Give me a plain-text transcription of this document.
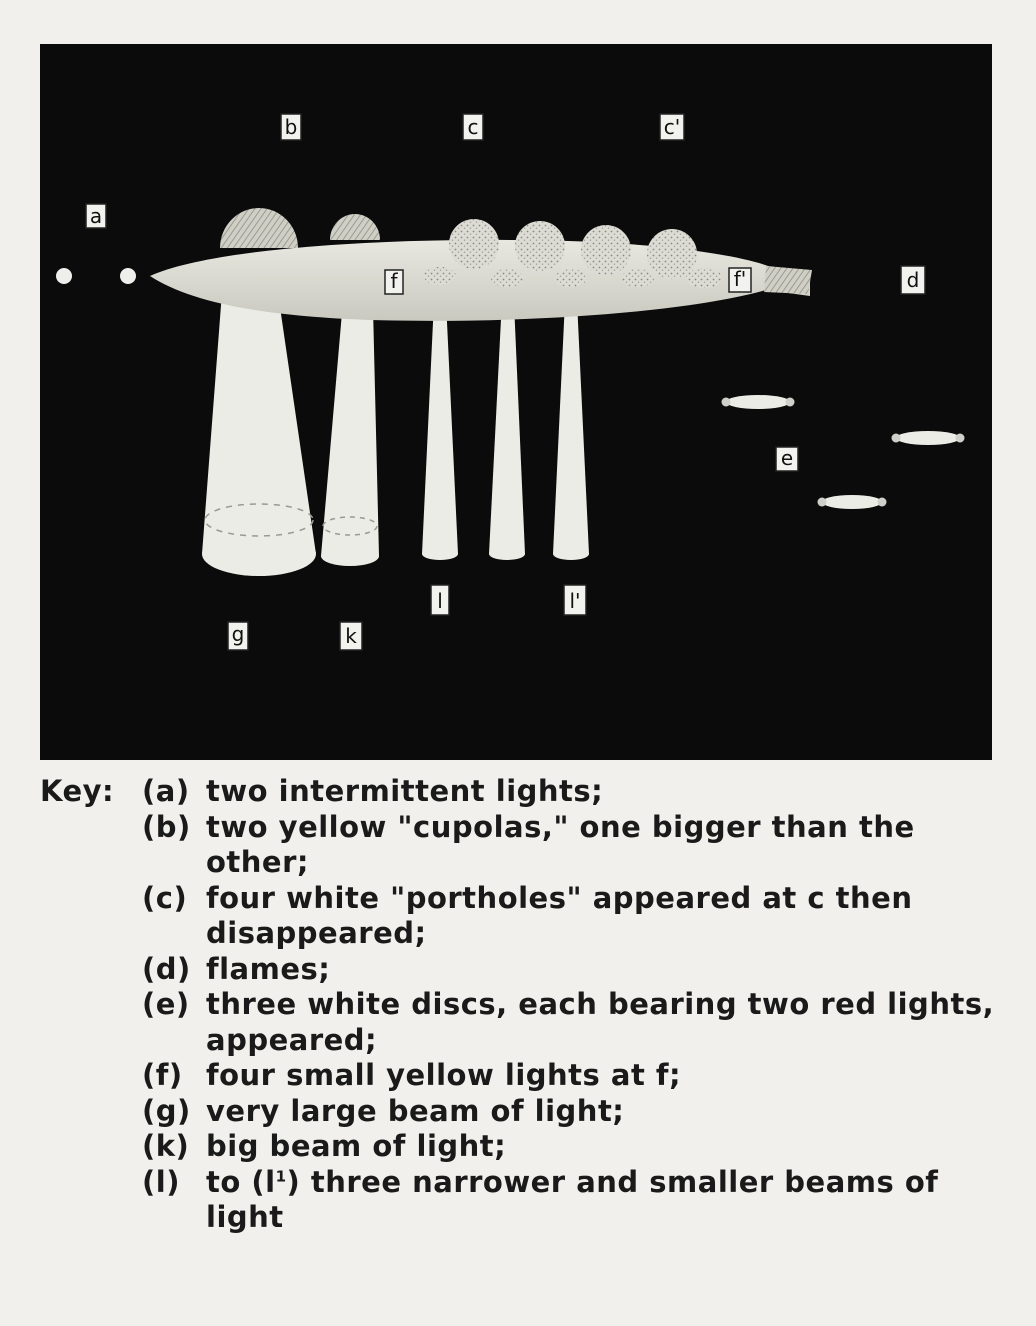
a
b	c	c'
d
e
f	f'
g	k
l	l'
Key: (a) two intermittent lights;
(b) two yellow "cupolas," one bigger than the other;
(c) four white "portholes" appeared at c then disappeared;
(d) flames;
(e) three white discs, each bearing two red lights, appeared;
(f) four small yellow lights at f;
(g) very large beam of light;
(k) big beam of light;
(l) to $(l^1)$ three narrower and smaller beams of light
